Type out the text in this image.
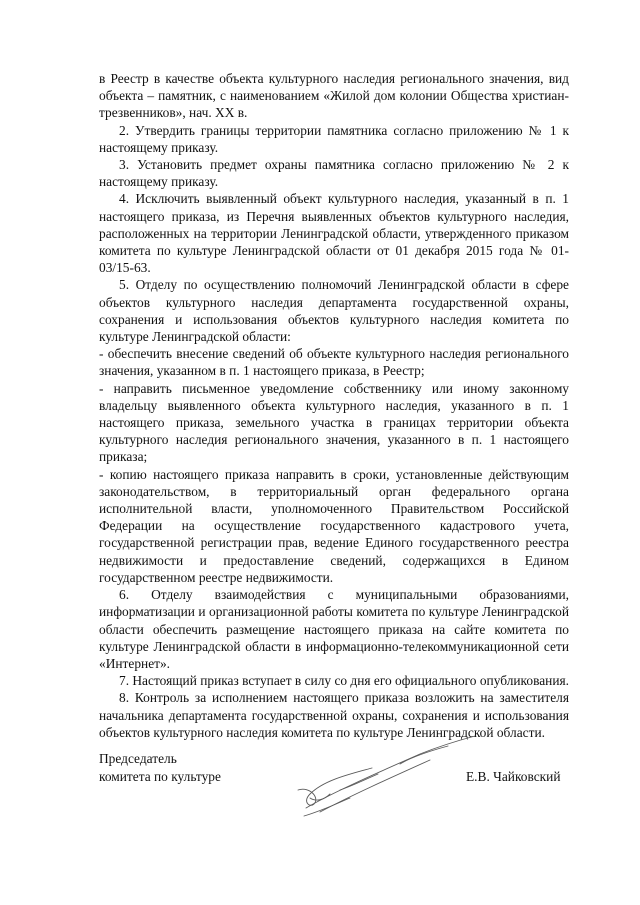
в Реестр в качестве объекта культурного наследия регионального значения, вид объекта – памятник, с наименованием «Жилой дом колонии Общества христиан-трезвенников», нач. XX в.

2. Утвердить границы территории памятника согласно приложению № 1 к настоящему приказу.

3. Установить предмет охраны памятника согласно приложению № 2 к настоящему приказу.

4. Исключить выявленный объект культурного наследия, указанный в п. 1 настоящего приказа, из Перечня выявленных объектов культурного наследия, расположенных на территории Ленинградской области, утвержденного приказом комитета по культуре Ленинградской области от 01 декабря 2015 года № 01-03/15-63.

5. Отделу по осуществлению полномочий Ленинградской области в сфере объектов культурного наследия департамента государственной охраны, сохранения и использования объектов культурного наследия комитета по культуре Ленинградской области:

- обеспечить внесение сведений об объекте культурного наследия регионального значения, указанном в п. 1 настоящего приказа, в Реестр;

- направить письменное уведомление собственнику или иному законному владельцу выявленного объекта культурного наследия, указанного в п. 1 настоящего приказа, земельного участка в границах территории объекта культурного наследия регионального значения, указанного в п. 1 настоящего приказа;

- копию настоящего приказа направить в сроки, установленные действующим законодательством, в территориальный орган федерального органа исполнительной власти, уполномоченного Правительством Российской Федерации на осуществление государственного кадастрового учета, государственной регистрации прав, ведение Единого государственного реестра недвижимости и предоставление сведений, содержащихся в Едином государственном реестре недвижимости.

6. Отделу взаимодействия с муниципальными образованиями, информатизации и организационной работы комитета по культуре Ленинградской области обеспечить размещение настоящего приказа на сайте комитета по культуре Ленинградской области в информационно-телекоммуникационной сети «Интернет».

7. Настоящий приказ вступает в силу со дня его официального опубликования.

8. Контроль за исполнением настоящего приказа возложить на заместителя начальника департамента государственной охраны, сохранения и использования объектов культурного наследия комитета по культуре Ленинградской области.

Председатель
комитета по культуре	Е.В. Чайковский
